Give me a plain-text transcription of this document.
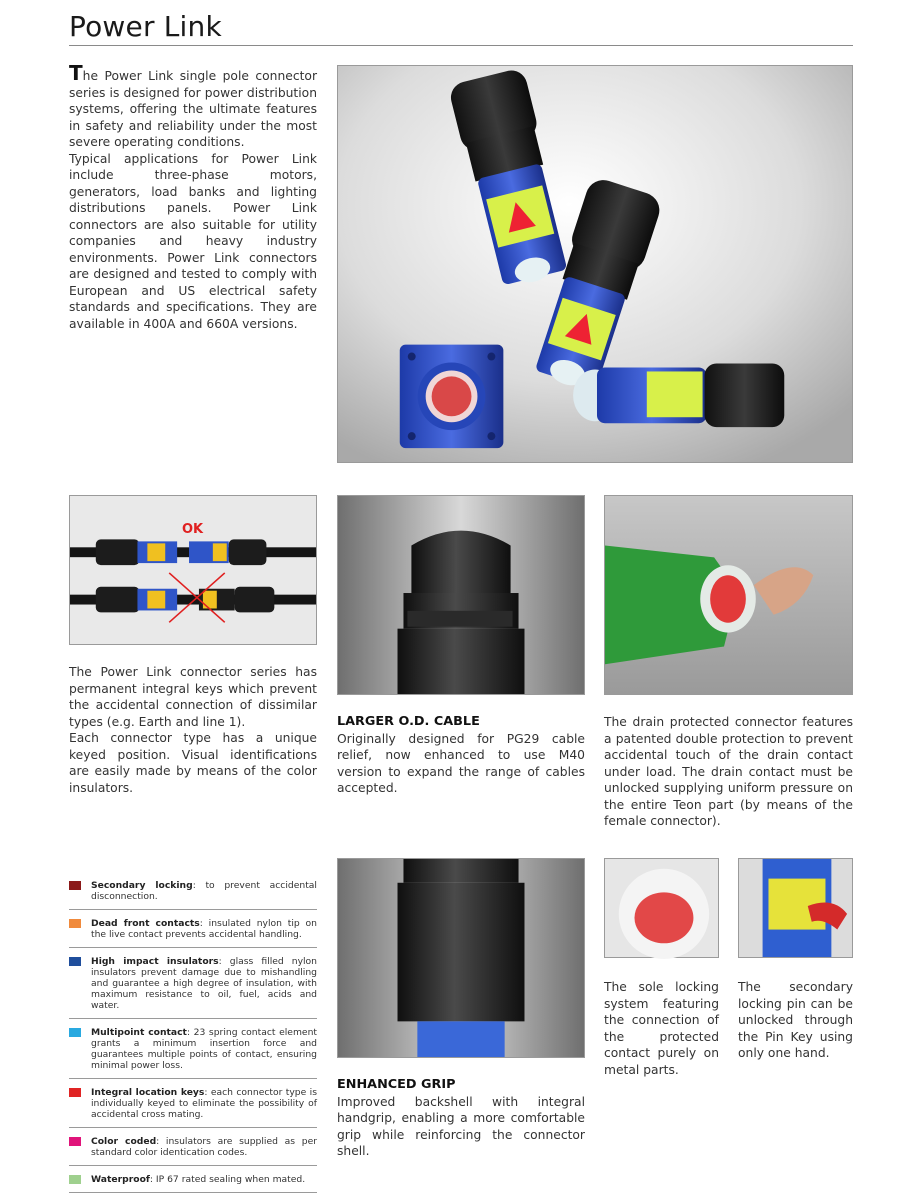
Power Link

The Power Link single pole connector series is designed for power distribution systems, offering the ultimate features in safety and reliability under the most severe operating conditions.

Typical applications for Power Link include three-phase motors, generators, load banks and lighting distributions panels. Power Link connectors are also suitable for utility companies and heavy industry environments. Power Link connectors are designed and tested to comply with European and US electrical safety standards and specifications. They are available in 400A and 660A versions.

OK

The Power Link connector series has permanent integral keys which prevent the accidental connection of dissimilar types (e.g. Earth and line 1).

Each connector type has a unique keyed position. Visual identifications are easily made by means of the color insulators.

LARGER O.D. CABLE

Originally designed for PG29 cable relief, now enhanced to use M40 version to expand the range of cables accepted.

The drain protected connector features a patented double protection to prevent accidental touch of the drain contact under load. The drain contact must be unlocked supplying uniform pressure on the entire Teon part (by means of the female connector).

ENHANCED GRIP

Improved backshell with integral handgrip, enabling a more comfortable grip while reinforcing the connector shell.

The sole locking system featuring the connection of the protected contact purely on metal parts.

The secondary locking pin can be unlocked through the Pin Key using only one hand.

Secondary locking: to prevent accidental disconnection.
Dead front contacts: insulated nylon tip on the live contact prevents accidental handling.
High impact insulators: glass filled nylon insulators prevent damage due to mishandling and guarantee a high degree of insulation, with maximum resistance to oil, fuel, acids and water.
Multipoint contact: 23 spring contact element grants a minimum insertion force and guarantees multiple points of contact, ensuring minimal power loss.
Integral location keys: each connector type is individually keyed to eliminate the possibility of accidental cross mating.
Color coded: insulators are supplied as per standard color identication codes.
Waterproof: IP 67 rated sealing when mated.
